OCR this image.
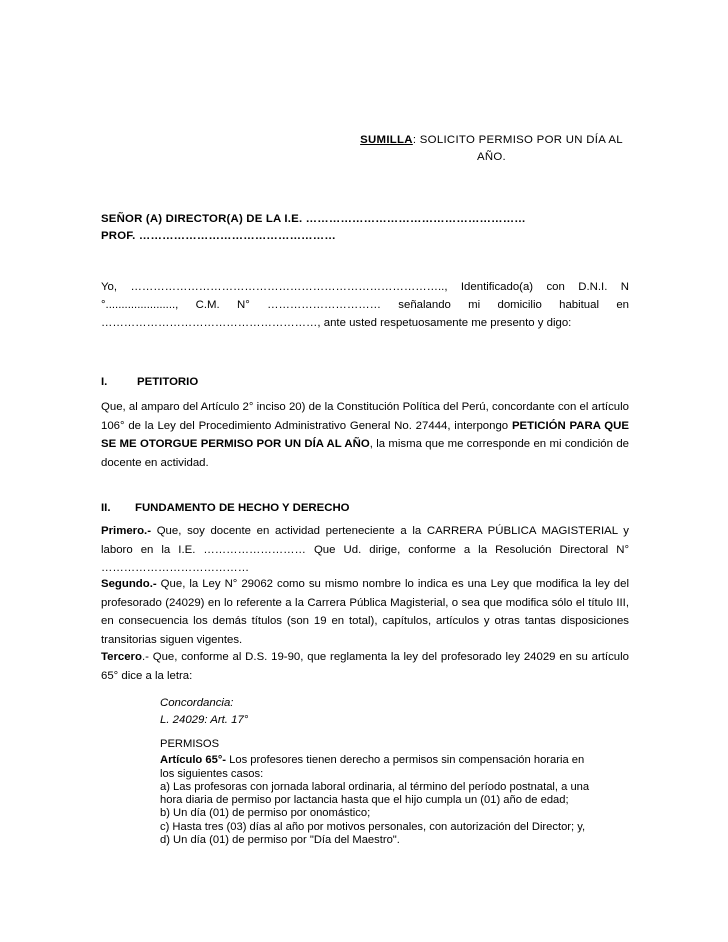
SUMILLA: SOLICITO PERMISO POR UN DÍA AL
AÑO.
SEÑOR (A) DIRECTOR(A) DE LA I.E. …………………………………………………
PROF. ……………………………………………
Yo, ……………………………………………………………………….., Identificado(a) con D.N.I. N
°......................, C.M. N° ………………………… señalando mi domicilio habitual en
…………………………………………………, ante usted respetuosamente me presento y digo:
I.	PETITORIO
Que, al amparo del Artículo 2° inciso 20) de la Constitución Política del Perú, concordante con el artículo 106° de la Ley del Procedimiento Administrativo General No. 27444, interpongo PETICIÓN PARA QUE SE ME OTORGUE PERMISO POR UN DÍA AL AÑO, la misma que me corresponde en mi condición de docente en actividad.
II. FUNDAMENTO DE HECHO Y DERECHO
Primero.- Que, soy docente en actividad perteneciente a la CARRERA PÚBLICA MAGISTERIAL y laboro en la I.E. ……………………… Que Ud. dirige, conforme a la Resolución Directoral N° …………………………………
Segundo.- Que, la Ley N° 29062 como su mismo nombre lo indica es una Ley que modifica la ley del profesorado (24029) en lo referente a la Carrera Pública Magisterial, o sea que modifica sólo el título III, en consecuencia los demás títulos (son 19 en total), capítulos, artículos y otras tantas disposiciones transitorias siguen vigentes.
Tercero.- Que, conforme al D.S. 19-90, que reglamenta la ley del profesorado ley 24029 en su artículo 65° dice a la letra:
Concordancia:
L. 24029: Art. 17°
PERMISOS
Artículo 65°- Los profesores tienen derecho a permisos sin compensación horaria en
los siguientes casos:
a) Las profesoras con jornada laboral ordinaria, al término del período postnatal, a una
hora diaria de permiso por lactancia hasta que el hijo cumpla un (01) año de edad;
b) Un día (01) de permiso por onomástico;
c) Hasta tres (03) días al año por motivos personales, con autorización del Director; y,
d) Un día (01) de permiso por "Día del Maestro".
